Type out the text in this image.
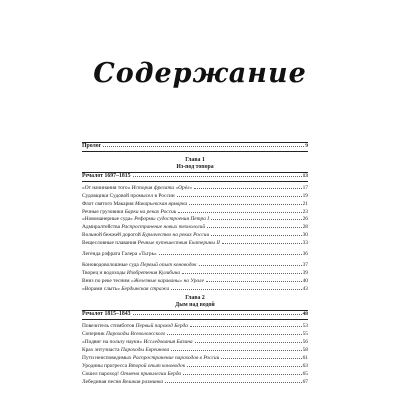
Содержание
Пролог	9
Глава 1
Из-под топора
Речалот 1697–1815	13
«От начинания того» История фрегата «Орёл»	17
Судовщики Судовой промысел в России	19
Флот святого Макария Макарьевская ярмарка	21
Речные грузовики Барки на реках России	23
«Новоманерные суда» Реформы судостроения Петра I	26
Адмиралтейства Распространение новых технологий	28
Вольной бежжей дорогой Бурлачество на реках России	30
Вещесловные плавания Речные путешествия Екатерины II	33
Легенда рэфрата Галера «Тьгрь»	36
Коноводоволошные суда Первый опыт коноводок	37
Творец и водоходы Изобретения Кулибина	39
Вниз по реке тесним «Железные караваны» на Урале	40
«Ворами слыть» Бердынская стража	43
Глава 2
Дым над водой
Речалот 1815–1843	48
Повелитель стимботов Первый пароход Берда	53
Соперник Пароходы Всеволожского	55
«Подвиг на пользу науки» Исследования Базина	56
Крах энтузиаста Пароходы Евреинова	58
Пути неисповедимых Распространение пароходов в России	61
Уродины прогресса Второй опыт коноводок	63
Сошел пароход! Отмена привилегии Берда	65
Лебединая песня Великая разминка	67
